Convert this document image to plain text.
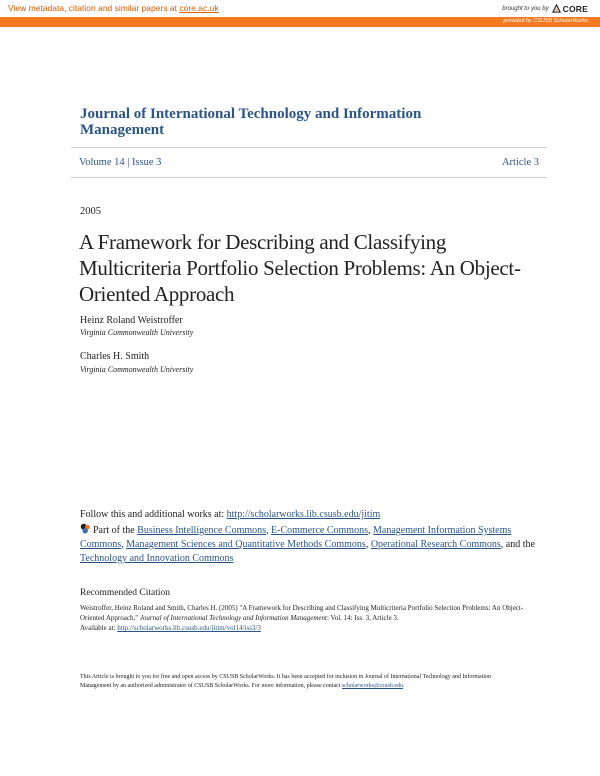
View metadata, citation and similar papers at core.ac.uk	brought to you by CORE
provided by CSUSB ScholarWorks
Journal of International Technology and Information Management
Volume 14 | Issue 3	Article 3
2005
A Framework for Describing and Classifying Multicriteria Portfolio Selection Problems: An Object-Oriented Approach
Heinz Roland Weistroffer
Virginia Commonwealth University
Charles H. Smith
Virginia Commonwealth University
Follow this and additional works at: http://scholarworks.lib.csusb.edu/jitim
Part of the Business Intelligence Commons, E-Commerce Commons, Management Information Systems Commons, Management Sciences and Quantitative Methods Commons, Operational Research Commons, and the Technology and Innovation Commons
Recommended Citation
Weistroffer, Heinz Roland and Smith, Charles H. (2005) "A Framework for Describing and Classifying Multicriteria Portfolio Selection Problems: An Object-Oriented Approach," Journal of International Technology and Information Management: Vol. 14: Iss. 3, Article 3.
Available at: http://scholarworks.lib.csusb.edu/jitim/vol14/iss3/3
This Article is brought to you for free and open access by CSUSB ScholarWorks. It has been accepted for inclusion in Journal of International Technology and Information Management by an authorized administrator of CSUSB ScholarWorks. For more information, please contact scholarworks@csusb.edu.
